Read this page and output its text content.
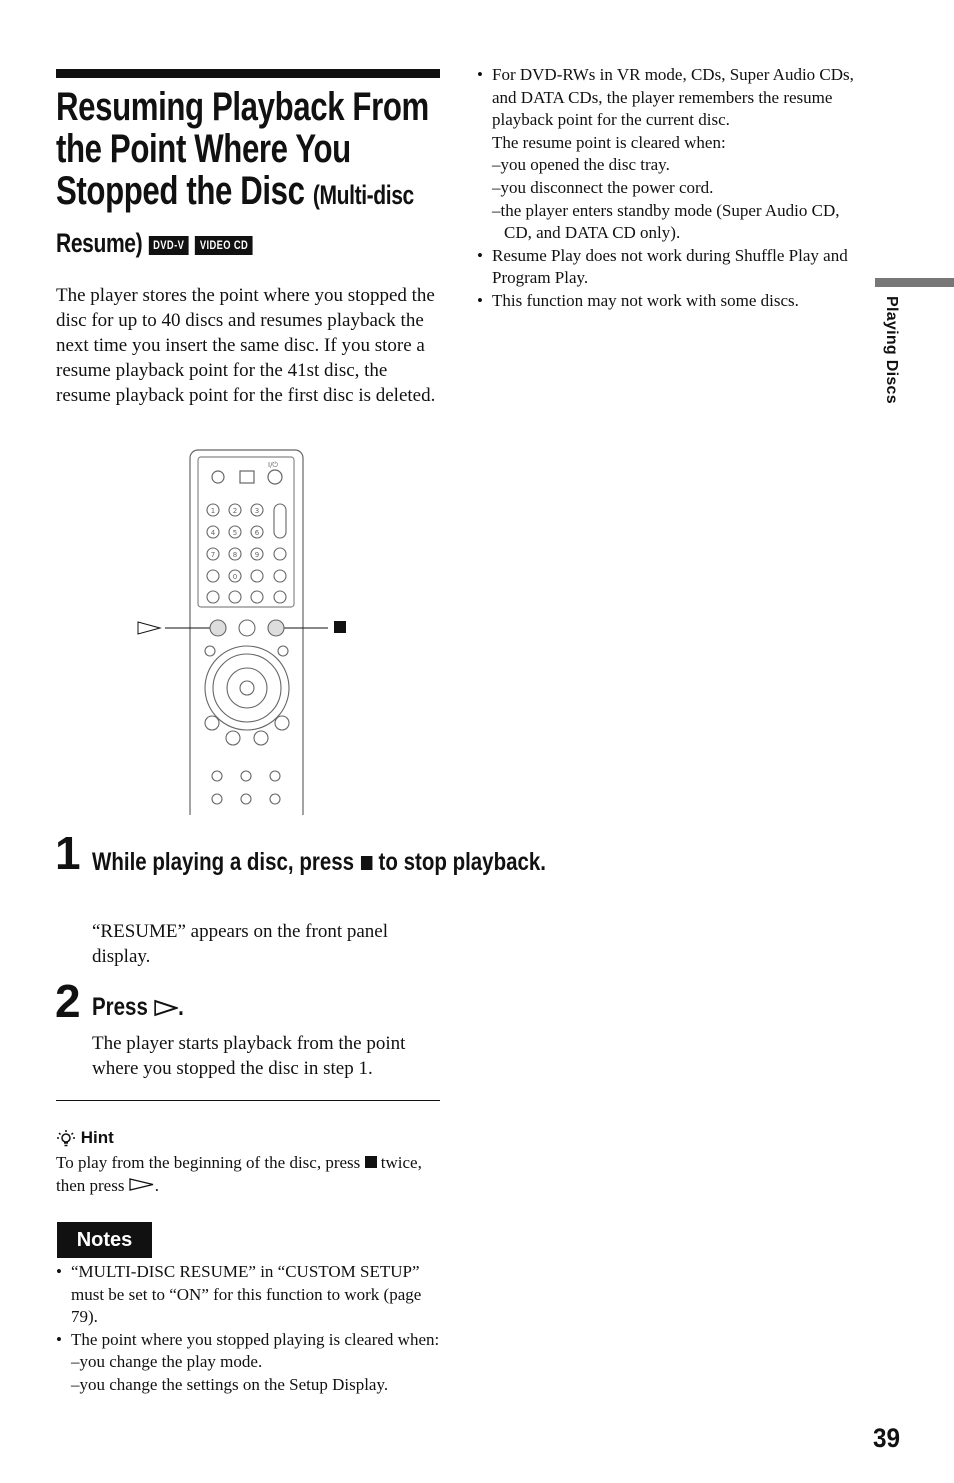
Resuming Playback From
the Point Where You
Stopped the Disc (Multi-disc
Resume) DVD-V VIDEO CD
The player stores the point where you stopped the disc for up to 40 discs and resumes playback the next time you insert the same disc. If you store a resume playback point for the 41st disc, the resume playback point for the first disc is deleted.
I/⏻
1	2	3
4	5	6
7	8	9
0
1 While playing a disc, press to stop playback.
“RESUME” appears on the front panel display.
2 Press .
The player starts playback from the point where you stopped the disc in step 1.
Hint
To play from the beginning of the disc, press twice, then press .
Notes
• “MULTI-DISC RESUME” in “CUSTOM SETUP” must be set to “ON” for this function to work (page 79).
• The point where you stopped playing is cleared when:
–you change the play mode.
–you change the settings on the Setup Display.
• For DVD-RWs in VR mode, CDs, Super Audio CDs, and DATA CDs, the player remembers the resume playback point for the current disc.
The resume point is cleared when:
–you opened the disc tray.
–you disconnect the power cord.
–the player enters standby mode (Super Audio CD, CD, and DATA CD only).
• Resume Play does not work during Shuffle Play and Program Play.
• This function may not work with some discs.	Playing Discs
39
